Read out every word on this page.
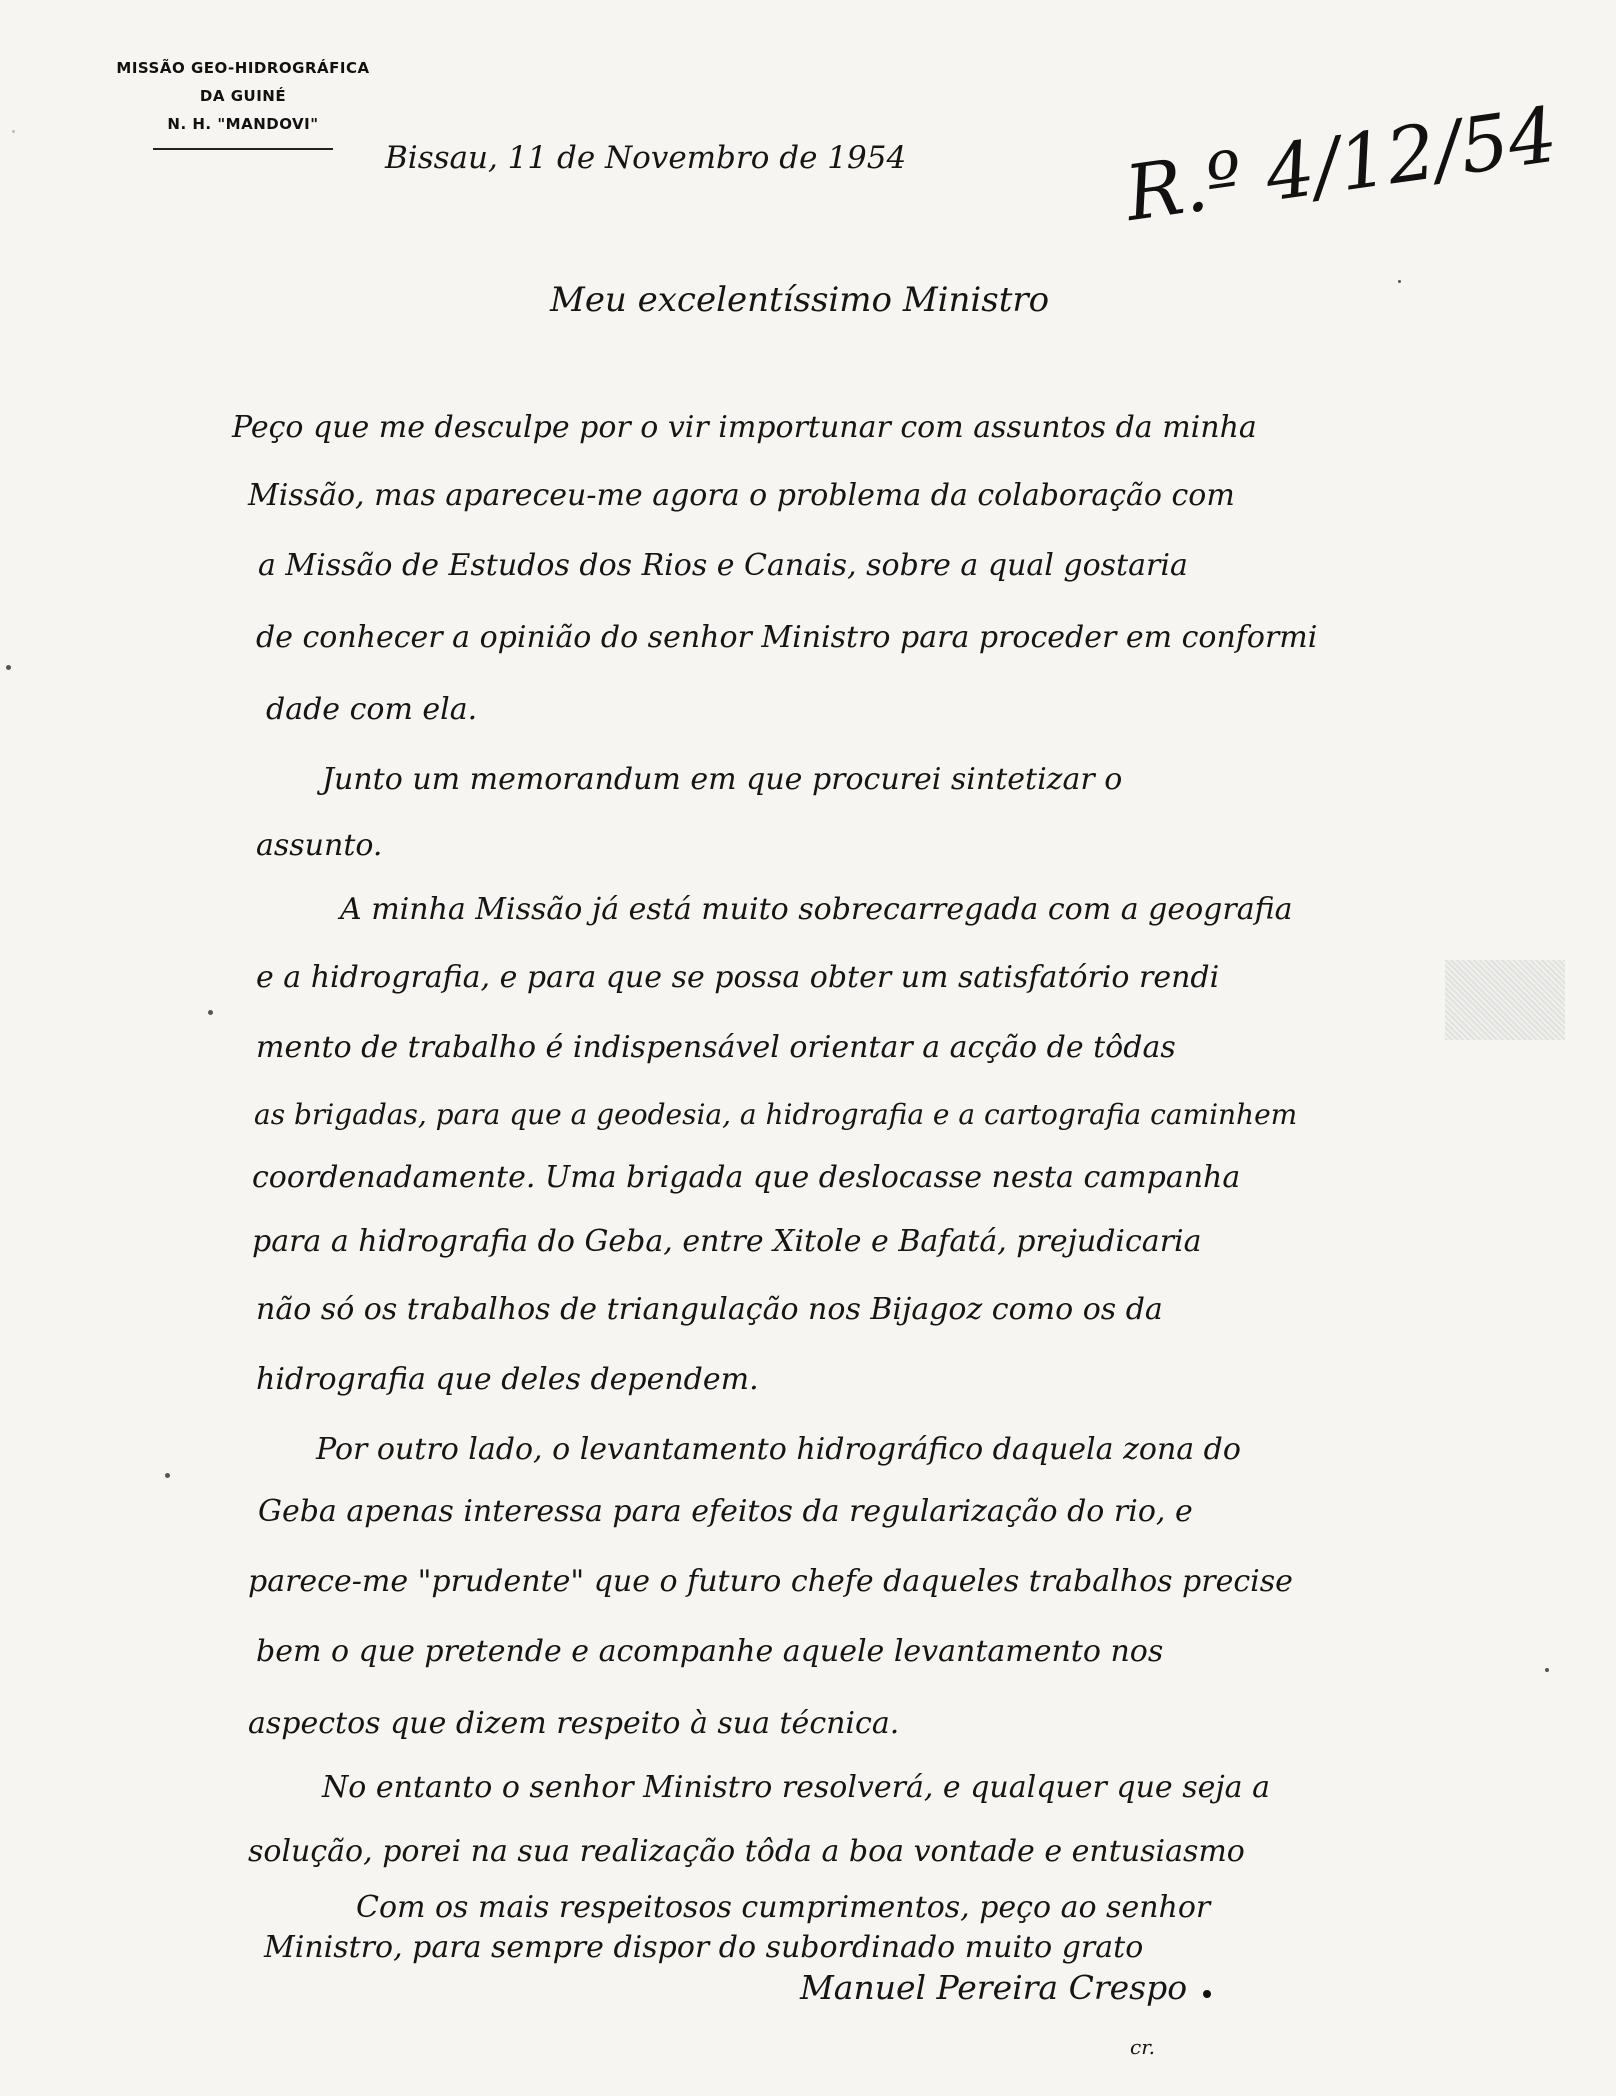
MISSÃO GEO-HIDROGRÁFICA
DA GUINÉ
N. H. "MANDOVI"
Bissau, 11 de Novembro de 1954	R.º 4/12/54
Meu excelentíssimo Ministro
Peço que me desculpe por o vir importunar com assuntos da minha
Missão, mas apareceu-me agora o problema da colaboração com
a Missão de Estudos dos Rios e Canais, sobre a qual gostaria
de conhecer a opinião do senhor Ministro para proceder em conformi
dade com ela.
Junto um memorandum em que procurei sintetizar o
assunto.
A minha Missão já está muito sobrecarregada com a geografia
e a hidrografia, e para que se possa obter um satisfatório rendi
mento de trabalho é indispensável orientar a acção de tôdas
as brigadas, para que a geodesia, a hidrografia e a cartografia caminhem
coordenadamente. Uma brigada que deslocasse nesta campanha
para a hidrografia do Geba, entre Xitole e Bafatá, prejudicaria
não só os trabalhos de triangulação nos Bijagoz como os da
hidrografia que deles dependem.
Por outro lado, o levantamento hidrográfico daquela zona do
Geba apenas interessa para efeitos da regularização do rio, e
parece-me "prudente" que o futuro chefe daqueles trabalhos precise
bem o que pretende e acompanhe aquele levantamento nos
aspectos que dizem respeito à sua técnica.
No entanto o senhor Ministro resolverá, e qualquer que seja a
solução, porei na sua realização tôda a boa vontade e entusiasmo
Com os mais respeitosos cumprimentos, peço ao senhor
Ministro, para sempre dispor do subordinado muito grato
Manuel Pereira Crespo
cr.
